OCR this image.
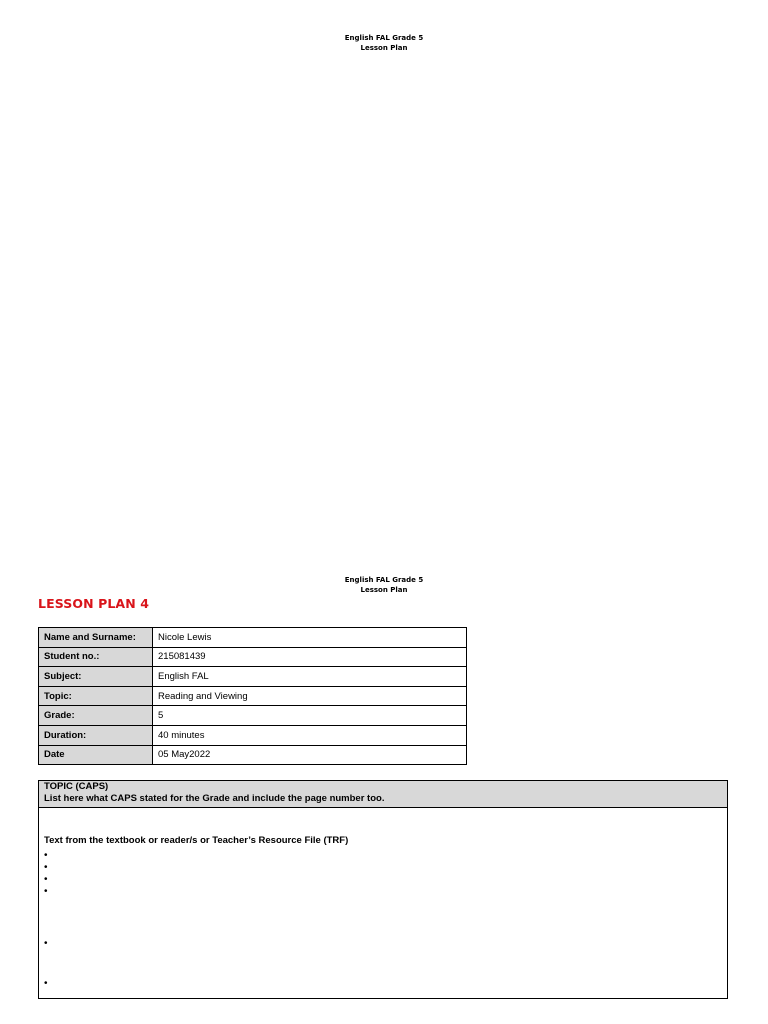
English FAL Grade 5
Lesson Plan
English FAL Grade 5
Lesson Plan
LESSON PLAN 4
Name and Surname:	Nicole Lewis
Student no.:	215081439
Subject:	English FAL
Topic:	Reading and Viewing
Grade:	5
Duration:	40 minutes
Date	05 May2022
TOPIC (CAPS)
List here what CAPS stated for the Grade and include the page number too.
Text from the textbook or reader/s or Teacher’s Resource File (TRF)
•
•
•
•
•
•
